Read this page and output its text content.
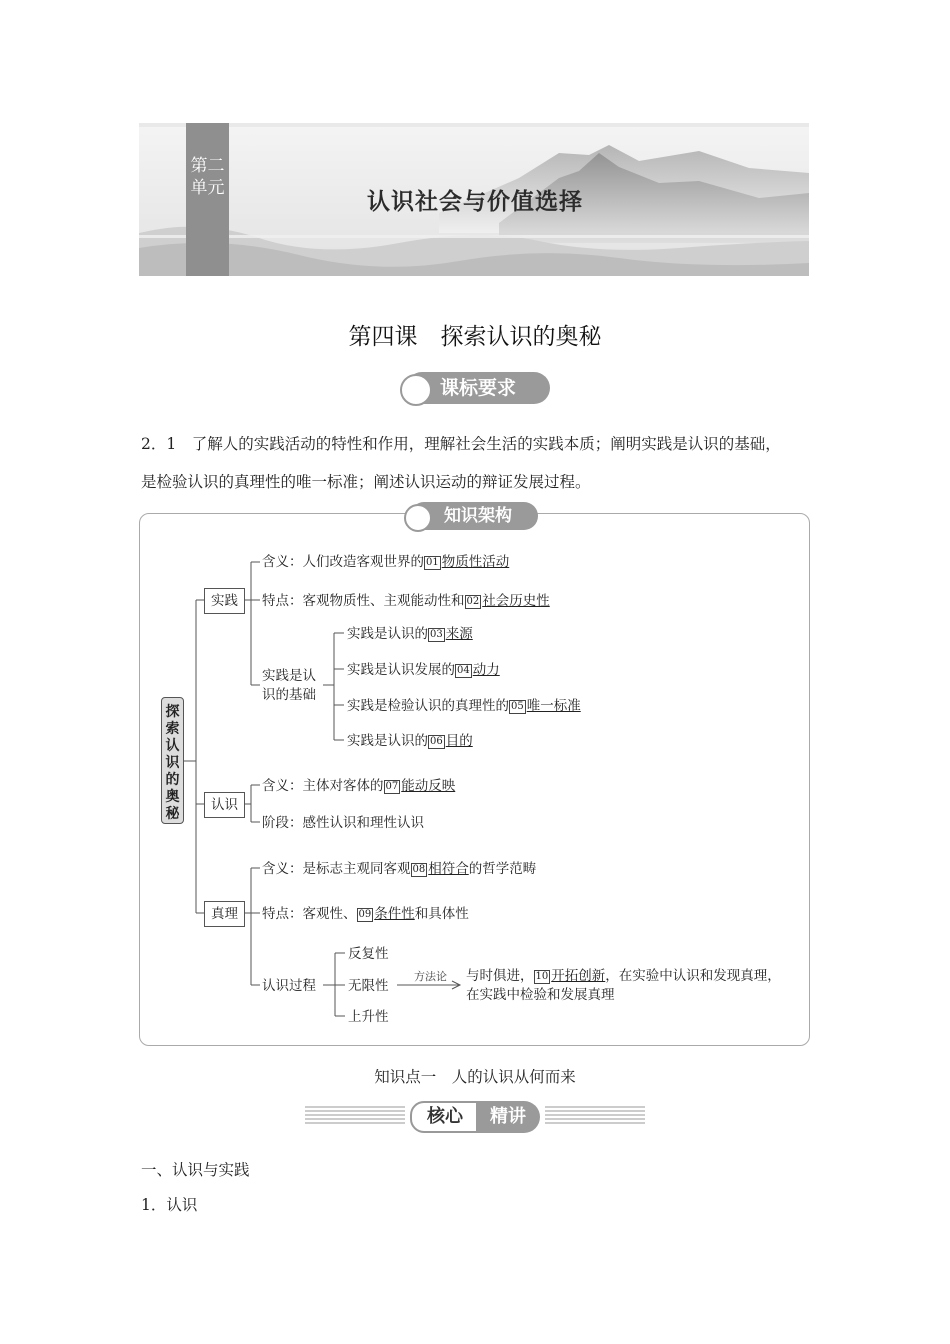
第二单元
认识社会与价值选择
第四课　探索认识的奥秘
课标要求
2．1　了解人的实践活动的特性和作用，理解社会生活的实践本质；阐明实践是认识的基础，
是检验认识的真理性的唯一标准；阐述认识运动的辩证发展过程。
知识架构
探索认识的奥秘
实践
含义：人们改造客观世界的 01 物质性活动
特点：客观物质性、主观能动性和 02 社会历史性
实践是认
识的基础
实践是认识的 03 来源
实践是认识发展的 04 动力
实践是检验认识的真理性的 05 唯一标准
实践是认识的 06 目的
认识
含义：主体对客体的 07 能动反映
阶段：感性认识和理性认识
真理
含义：是标志主观同客观 08 相符合的哲学范畴
特点：客观性、 09 条件性和具体性
认识过程
反复性
无限性
上升性
方法论 与时俱进， 10 开拓创新，在实验中认识和发现真理，
在实践中检验和发展真理
知识点一　人的认识从何而来
核心	精讲
一、认识与实践
1．认识
